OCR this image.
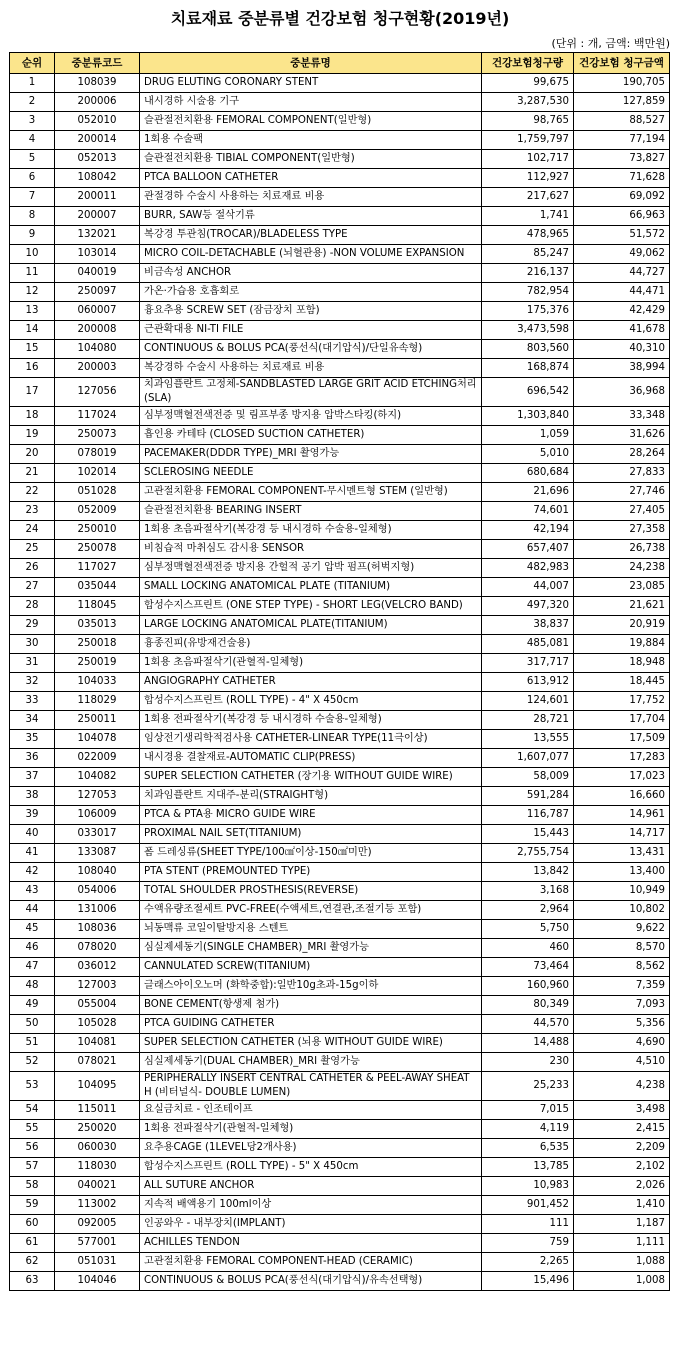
치료재료 중분류별 건강보험 청구현황(2019년)
(단위 : 개, 금액: 백만원)
순위	중분류코드	중분류명	건강보험청구량	건강보험 청구금액
1	108039	DRUG ELUTING CORONARY STENT	99,675	190,705
2	200006	내시경하 시술용 기구	3,287,530	127,859
3	052010	슬관절전치환용 FEMORAL COMPONENT(일반형)	98,765	88,527
4	200014	1회용 수술팩	1,759,797	77,194
5	052013	슬관절전치환용 TIBIAL COMPONENT(일반형)	102,717	73,827
6	108042	PTCA BALLOON CATHETER	112,927	71,628
7	200011	관절경하 수술시 사용하는 치료재료 비용	217,627	69,092
8	200007	BURR, SAW등 절삭기류	1,741	66,963
9	132021	복강경 투관침(TROCAR)/BLADELESS TYPE	478,965	51,572
10	103014	MICRO COIL-DETACHABLE (뇌혈관용) -NON VOLUME EXPANSION	85,247	49,062
11	040019	비금속성 ANCHOR	216,137	44,727
12	250097	가온·가습용 호흡회로	782,954	44,471
13	060007	흉요추용 SCREW SET (잠금장치 포함)	175,376	42,429
14	200008	근관확대용 NI-TI FILE	3,473,598	41,678
15	104080	CONTINUOUS & BOLUS PCA(풍선식(대기압식)/단일유속형)	803,560	40,310
16	200003	복강경하 수술시 사용하는 치료재료 비용	168,874	38,994
17	127056	치과임플란트 고정체-SANDBLASTED LARGE GRIT ACID ETCHING처리(SLA)	696,542	36,968
18	117024	심부정맥혈전색전증 및 림프부종 방지용 압박스타킹(하지)	1,303,840	33,348
19	250073	흡인용 카테타 (CLOSED SUCTION CATHETER)	1,059	31,626
20	078019	PACEMAKER(DDDR TYPE)_MRI 촬영가능	5,010	28,264
21	102014	SCLEROSING NEEDLE	680,684	27,833
22	051028	고관절치환용 FEMORAL COMPONENT-무시멘트형 STEM (일반형)	21,696	27,746
23	052009	슬관절전치환용 BEARING INSERT	74,601	27,405
24	250010	1회용 초음파절삭기(복강경 등 내시경하 수술용-일체형)	42,194	27,358
25	250078	비침습적 마취심도 감시용 SENSOR	657,407	26,738
26	117027	심부정맥혈전색전증 방지용 간헐적 공기 압박 펌프(허벅지형)	482,983	24,238
27	035044	SMALL LOCKING ANATOMICAL PLATE (TITANIUM)	44,007	23,085
28	118045	합성수지스프린트 (ONE STEP TYPE) - SHORT LEG(VELCRO BAND)	497,320	21,621
29	035013	LARGE LOCKING ANATOMICAL PLATE(TITANIUM)	38,837	20,919
30	250018	흉종진피(유방재건술용)	485,081	19,884
31	250019	1회용 초음파절삭기(관혈적-일체형)	317,717	18,948
32	104033	ANGIOGRAPHY CATHETER	613,912	18,445
33	118029	합성수지스프린트 (ROLL TYPE) - 4" X 450cm	124,601	17,752
34	250011	1회용 전파절삭기(복강경 등 내시경하 수술용-일체형)	28,721	17,704
35	104078	임상전기생리학적검사용 CATHETER-LINEAR TYPE(11극이상)	13,555	17,509
36	022009	내시경용 결찰재료-AUTOMATIC CLIP(PRESS)	1,607,077	17,283
37	104082	SUPER SELECTION CATHETER (장기용 WITHOUT GUIDE WIRE)	58,009	17,023
38	127053	치과임플란트 지대주-분리(STRAIGHT형)	591,284	16,660
39	106009	PTCA & PTA용 MICRO GUIDE WIRE	116,787	14,961
40	033017	PROXIMAL NAIL SET(TITANIUM)	15,443	14,717
41	133087	폼 드레싱류(SHEET TYPE/100㎠이상-150㎠미만)	2,755,754	13,431
42	108040	PTA STENT (PREMOUNTED TYPE)	13,842	13,400
43	054006	TOTAL SHOULDER PROSTHESIS(REVERSE)	3,168	10,949
44	131006	수액유량조절세트 PVC-FREE(수액세트,연결관,조절기등 포함)	2,964	10,802
45	108036	뇌동맥류 코일이탈방지용 스텐트	5,750	9,622
46	078020	심실제세동기(SINGLE CHAMBER)_MRI 촬영가능	460	8,570
47	036012	CANNULATED SCREW(TITANIUM)	73,464	8,562
48	127003	글래스아이오노머 (화학중합):일반10g초과-15g이하	160,960	7,359
49	055004	BONE CEMENT(항생제 첨가)	80,349	7,093
50	105028	PTCA GUIDING CATHETER	44,570	5,356
51	104081	SUPER SELECTION CATHETER (뇌용 WITHOUT GUIDE WIRE)	14,488	4,690
52	078021	심실제세동기(DUAL CHAMBER)_MRI 촬영가능	230	4,510
53	104095	PERIPHERALLY INSERT CENTRAL CATHETER & PEEL-AWAY SHEATH (비터널식- DOUBLE LUMEN)	25,233	4,238
54	115011	요실금치료 - 인조테이프	7,015	3,498
55	250020	1회용 전파절삭기(관혈적-일체형)	4,119	2,415
56	060030	요추용CAGE (1LEVEL당2개사용)	6,535	2,209
57	118030	합성수지스프린트 (ROLL TYPE) - 5" X 450cm	13,785	2,102
58	040021	ALL SUTURE ANCHOR	10,983	2,026
59	113002	지속적 배액용기 100ml이상	901,452	1,410
60	092005	인공와우 - 내부장치(IMPLANT)	111	1,187
61	577001	ACHILLES TENDON	759	1,111
62	051031	고관절치환용 FEMORAL COMPONENT-HEAD (CERAMIC)	2,265	1,088
63	104046	CONTINUOUS & BOLUS PCA(풍선식(대기압식)/유속선택형)	15,496	1,008
